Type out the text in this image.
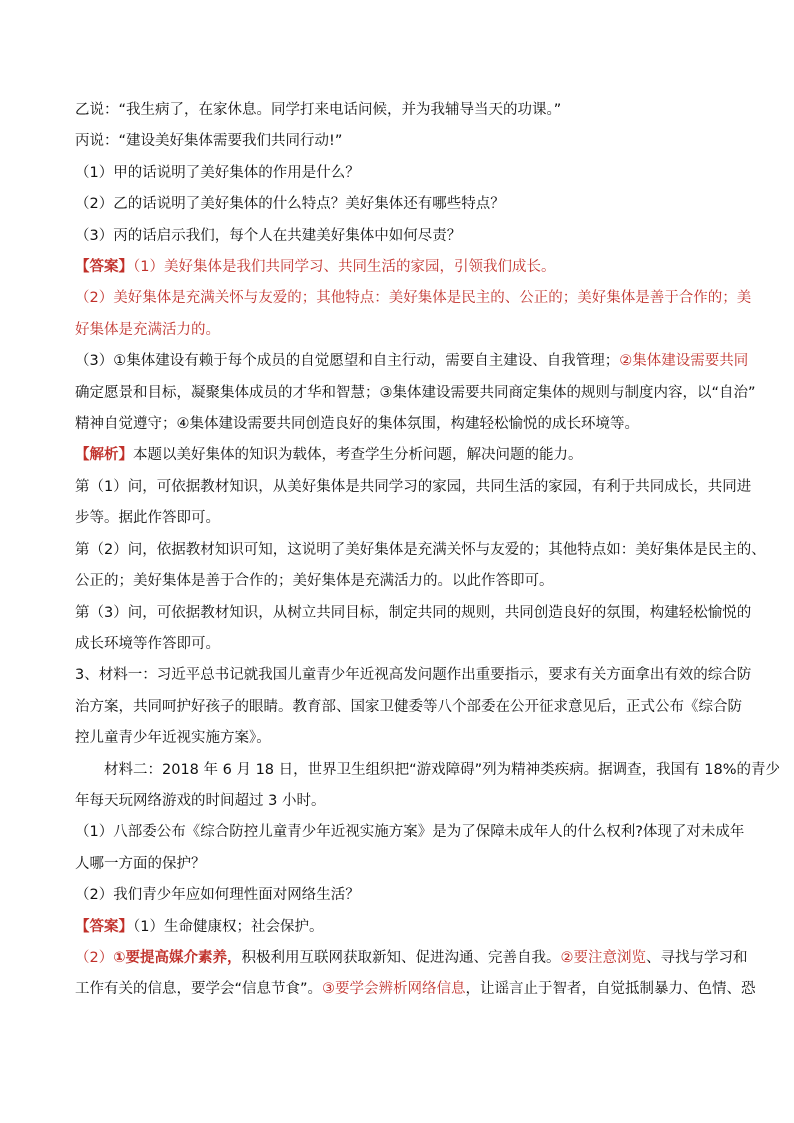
乙说：“我生病了，在家休息。同学打来电话问候，并为我辅导当天的功课。”
丙说：“建设美好集体需要我们共同行动!”
（1）甲的话说明了美好集体的作用是什么？
（2）乙的话说明了美好集体的什么特点？美好集体还有哪些特点？
（3）丙的话启示我们，每个人在共建美好集体中如何尽责？
【答案】（1）美好集体是我们共同学习、共同生活的家园，引领我们成长。
（2）美好集体是充满关怀与友爱的；其他特点：美好集体是民主的、公正的；美好集体是善于合作的；美
好集体是充满活力的。
（3）①集体建设有赖于每个成员的自觉愿望和自主行动，需要自主建设、自我管理；②集体建设需要共同
确定愿景和目标，凝聚集体成员的才华和智慧；③集体建设需要共同商定集体的规则与制度内容，以“自治”
精神自觉遵守；④集体建设需要共同创造良好的集体氛围，构建轻松愉悦的成长环境等。
【解析】本题以美好集体的知识为载体，考查学生分析问题，解决问题的能力。
第（1）问，可依据教材知识，从美好集体是共同学习的家园，共同生活的家园，有利于共同成长，共同进
步等。据此作答即可。
第（2）问，依据教材知识可知，这说明了美好集体是充满关怀与友爱的；其他特点如：美好集体是民主的、
公正的；美好集体是善于合作的；美好集体是充满活力的。以此作答即可。
第（3）问，可依据教材知识，从树立共同目标，制定共同的规则，共同创造良好的氛围，构建轻松愉悦的
成长环境等作答即可。
3、材料一：习近平总书记就我国儿童青少年近视高发问题作出重要指示，要求有关方面拿出有效的综合防
治方案，共同呵护好孩子的眼睛。教育部、国家卫健委等八个部委在公开征求意见后，正式公布《综合防
控儿童青少年近视实施方案》。
材料二：2018 年 6 月 18 日，世界卫生组织把“游戏障碍”列为精神类疾病。据调查，我国有 18%的青少
年每天玩网络游戏的时间超过 3 小时。
（1）八部委公布《综合防控儿童青少年近视实施方案》是为了保障未成年人的什么权利?体现了对未成年
人哪一方面的保护？
（2）我们青少年应如何理性面对网络生活？
【答案】（1）生命健康权；社会保护。
（2）①要提高媒介素养，积极利用互联网获取新知、促进沟通、完善自我。②要注意浏览、寻找与学习和
工作有关的信息，要学会“信息节食”。③要学会辨析网络信息，让谣言止于智者，自觉抵制暴力、色情、恐
